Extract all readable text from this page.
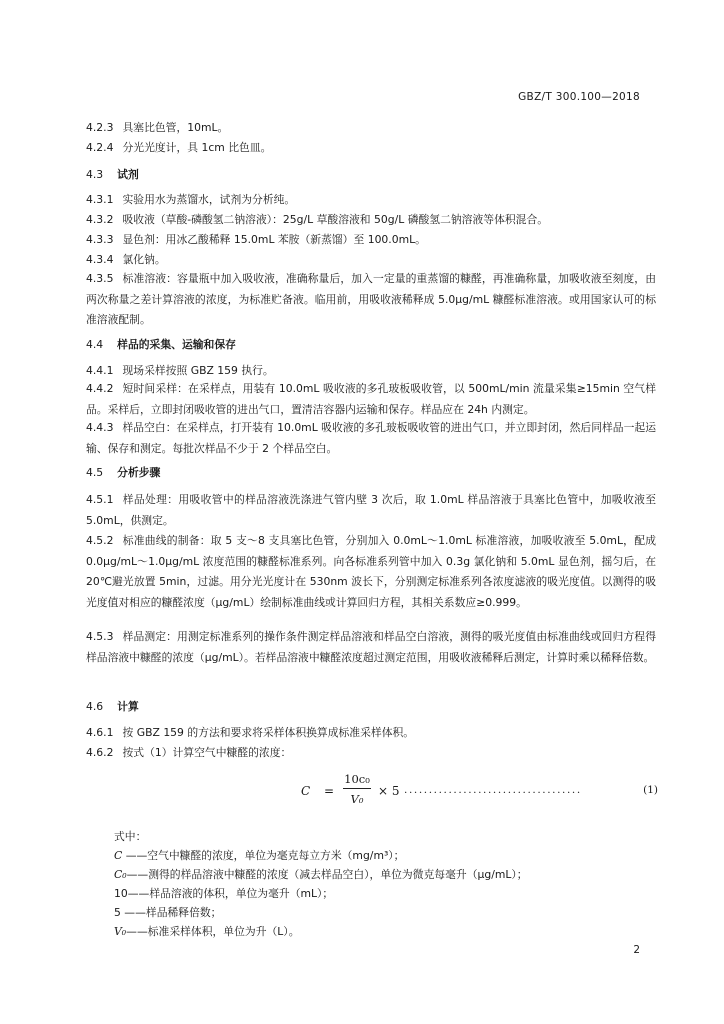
GBZ/T 300.100—2018
4.2.3 具塞比色管，10mL。
4.2.4 分光光度计，具 1cm 比色皿。
4.3 试剂
4.3.1 实验用水为蒸馏水，试剂为分析纯。
4.3.2 吸收液（草酸-磷酸氢二钠溶液）：25g/L 草酸溶液和 50g/L 磷酸氢二钠溶液等体积混合。
4.3.3 显色剂：用冰乙酸稀释 15.0mL 苯胺（新蒸馏）至 100.0mL。
4.3.4 氯化钠。
4.3.5 标准溶液：容量瓶中加入吸收液，准确称量后，加入一定量的重蒸馏的糠醛，再准确称量，加吸收液至刻度，由两次称量之差计算溶液的浓度，为标准贮备液。临用前，用吸收液稀释成 5.0μg/mL 糠醛标准溶液。或用国家认可的标准溶液配制。
4.4 样品的采集、运输和保存
4.4.1 现场采样按照 GBZ 159 执行。
4.4.2 短时间采样：在采样点，用装有 10.0mL 吸收液的多孔玻板吸收管，以 500mL/min 流量采集≥15min 空气样品。采样后，立即封闭吸收管的进出气口，置清洁容器内运输和保存。样品应在 24h 内测定。
4.4.3 样品空白：在采样点，打开装有 10.0mL 吸收液的多孔玻板吸收管的进出气口，并立即封闭，然后同样品一起运输、保存和测定。每批次样品不少于 2 个样品空白。
4.5 分析步骤
4.5.1 样品处理：用吸收管中的样品溶液洗涤进气管内壁 3 次后，取 1.0mL 样品溶液于具塞比色管中，加吸收液至 5.0mL，供测定。
4.5.2 标准曲线的制备：取 5 支～8 支具塞比色管，分别加入 0.0mL～1.0mL 标准溶液，加吸收液至 5.0mL，配成 0.0μg/mL～1.0μg/mL 浓度范围的糠醛标准系列。向各标准系列管中加入 0.3g 氯化钠和 5.0mL 显色剂，摇匀后，在 20℃避光放置 5min，过滤。用分光光度计在 530nm 波长下，分别测定标准系列各浓度滤液的吸光度值。以测得的吸光度值对相应的糠醛浓度（μg/mL）绘制标准曲线或计算回归方程，其相关系数应≥0.999。
4.5.3 样品测定：用测定标准系列的操作条件测定样品溶液和样品空白溶液，测得的吸光度值由标准曲线或回归方程得样品溶液中糠醛的浓度（μg/mL）。若样品溶液中糠醛浓度超过测定范围，用吸收液稀释后测定，计算时乘以稀释倍数。
4.6 计算
4.6.1 按 GBZ 159 的方法和要求将采样体积换算成标准采样体积。
4.6.2 按式（1）计算空气中糠醛的浓度：
C =
10c₀
V₀
× 5 ....................................	(1)
式中：
C ——空气中糠醛的浓度，单位为毫克每立方米（mg/m³）；
C₀——测得的样品溶液中糠醛的浓度（减去样品空白），单位为微克每毫升（μg/mL）；
10——样品溶液的体积，单位为毫升（mL）；
5 ——样品稀释倍数；
V₀——标准采样体积，单位为升（L）。
2
